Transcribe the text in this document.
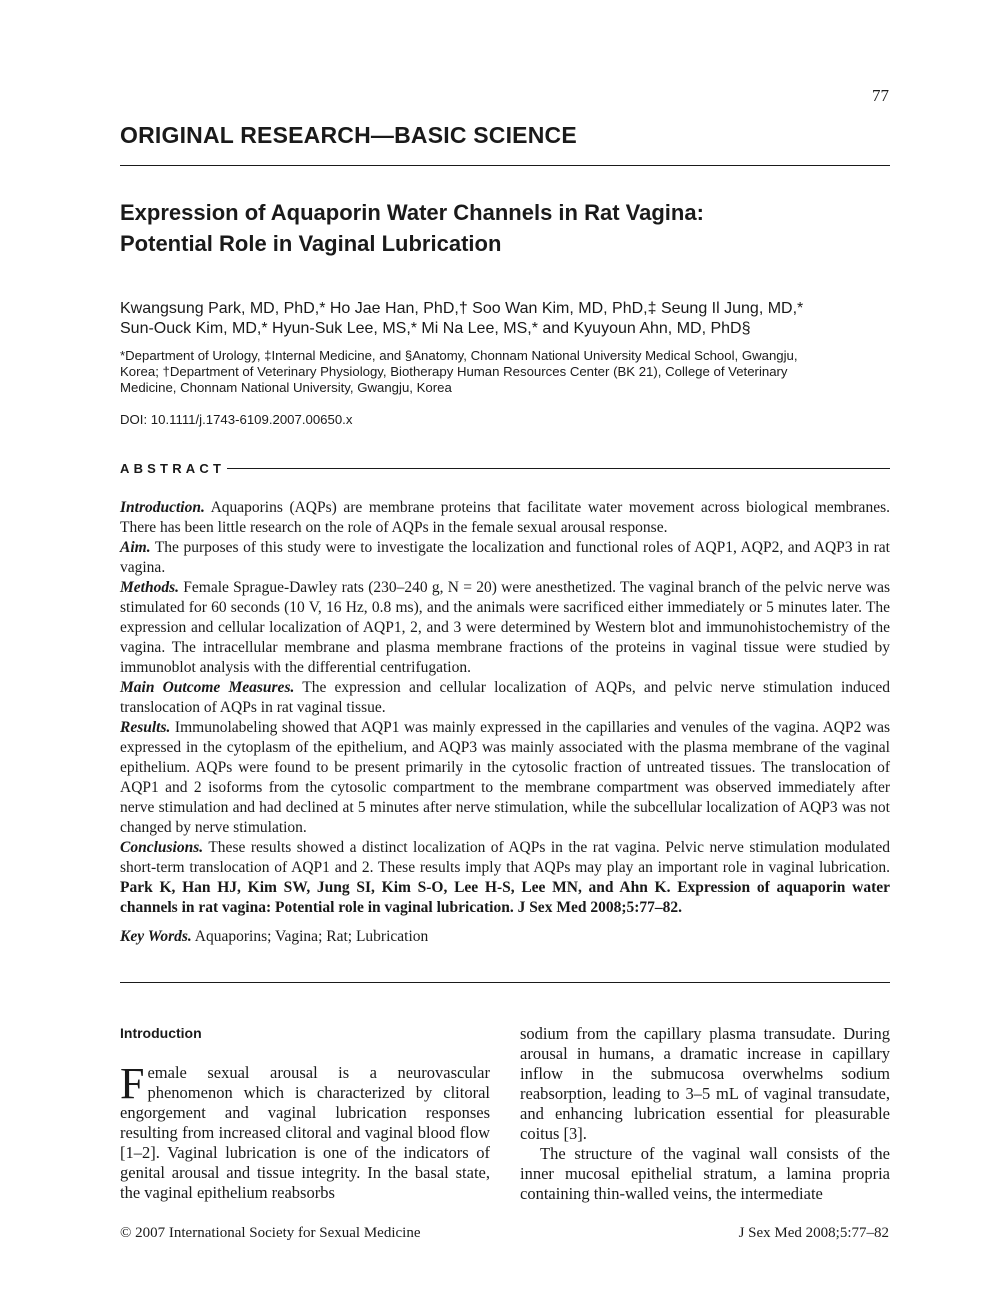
77
ORIGINAL RESEARCH—BASIC SCIENCE
Expression of Aquaporin Water Channels in Rat Vagina:
Potential Role in Vaginal Lubrication
Kwangsung Park, MD, PhD,* Ho Jae Han, PhD,† Soo Wan Kim, MD, PhD,‡ Seung Il Jung, MD,*
Sun-Ouck Kim, MD,* Hyun-Suk Lee, MS,* Mi Na Lee, MS,* and Kyuyoun Ahn, MD, PhD§
*Department of Urology, ‡Internal Medicine, and §Anatomy, Chonnam National University Medical School, Gwangju,
Korea; †Department of Veterinary Physiology, Biotherapy Human Resources Center (BK 21), College of Veterinary
Medicine, Chonnam National University, Gwangju, Korea
DOI: 10.1111/j.1743-6109.2007.00650.x
ABSTRACT

Introduction. Aquaporins (AQPs) are membrane proteins that facilitate water movement across biological membranes. There has been little research on the role of AQPs in the female sexual arousal response.

Aim. The purposes of this study were to investigate the localization and functional roles of AQP1, AQP2, and AQP3 in rat vagina.

Methods. Female Sprague-Dawley rats (230–240 g, N = 20) were anesthetized. The vaginal branch of the pelvic nerve was stimulated for 60 seconds (10 V, 16 Hz, 0.8 ms), and the animals were sacrificed either immediately or 5 minutes later. The expression and cellular localization of AQP1, 2, and 3 were determined by Western blot and immunohistochemistry of the vagina. The intracellular membrane and plasma membrane fractions of the proteins in vaginal tissue were studied by immunoblot analysis with the differential centrifugation.

Main Outcome Measures. The expression and cellular localization of AQPs, and pelvic nerve stimulation induced translocation of AQPs in rat vaginal tissue.

Results. Immunolabeling showed that AQP1 was mainly expressed in the capillaries and venules of the vagina. AQP2 was expressed in the cytoplasm of the epithelium, and AQP3 was mainly associated with the plasma membrane of the vaginal epithelium. AQPs were found to be present primarily in the cytosolic fraction of untreated tissues. The translocation of AQP1 and 2 isoforms from the cytosolic compartment to the membrane compartment was observed immediately after nerve stimulation and had declined at 5 minutes after nerve stimulation, while the subcellular localization of AQP3 was not changed by nerve stimulation.

Conclusions. These results showed a distinct localization of AQPs in the rat vagina. Pelvic nerve stimulation modulated short-term translocation of AQP1 and 2. These results imply that AQPs may play an important role in vaginal lubrication. Park K, Han HJ, Kim SW, Jung SI, Kim S-O, Lee H-S, Lee MN, and Ahn K. Expression of aquaporin water channels in rat vagina: Potential role in vaginal lubrication. J Sex Med 2008;5:77–82.

Key Words. Aquaporins; Vagina; Rat; Lubrication
Introduction

Female sexual arousal is a neurovascular phenomenon which is characterized by clitoral engorgement and vaginal lubrication responses resulting from increased clitoral and vaginal blood flow [1–2]. Vaginal lubrication is one of the indicators of genital arousal and tissue integrity. In the basal state, the vaginal epithelium reabsorbs

sodium from the capillary plasma transudate. During arousal in humans, a dramatic increase in capillary inflow in the submucosa overwhelms sodium reabsorption, leading to 3–5 mL of vaginal transudate, and enhancing lubrication essential for pleasurable coitus [3].

The structure of the vaginal wall consists of the inner mucosal epithelial stratum, a lamina propria containing thin-walled veins, the intermediate

© 2007 International Society for Sexual Medicine	J Sex Med 2008;5:77–82
